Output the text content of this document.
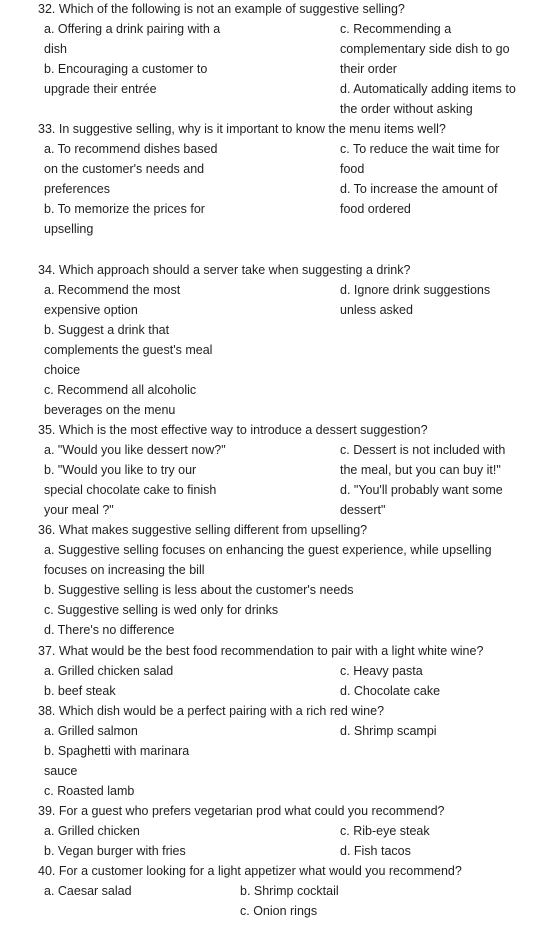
32. Which of the following is not an example of suggestive selling?
a. Offering a drink pairing with a
dish
b. Encouraging a customer to
upgrade their entrée
c. Recommending a
complementary side dish to go
their order
d. Automatically adding items to
the order without asking
33. In suggestive selling, why is it important to know the menu items well?
a. To recommend dishes based
on the customer's needs and
preferences
b. To memorize the prices for
upselling
c. To reduce the wait time for
food
d. To increase the amount of
food ordered
34. Which approach should a server take when suggesting a drink?
a. Recommend the most
expensive option
b. Suggest a drink that
complements the guest's meal
choice
c. Recommend all alcoholic
beverages on the menu
d. Ignore drink suggestions
unless asked
35. Which is the most effective way to introduce a dessert suggestion?
a. "Would you like dessert now?"
b. "Would you like to try our
special chocolate cake to finish
your meal ?"
c. Dessert is not included with
the meal, but you can buy it!"
d. "You'll probably want some
dessert"
36. What makes suggestive selling different from upselling?
a. Suggestive selling focuses on enhancing the guest experience, while upselling
focuses on increasing the bill
b. Suggestive selling is less about the customer's needs
c. Suggestive selling is wed only for drinks
d. There's no difference
37. What would be the best food recommendation to pair with a light white wine?
a. Grilled chicken salad
b. beef steak
c. Heavy pasta
d. Chocolate cake
38. Which dish would be a perfect pairing with a rich red wine?
a. Grilled salmon
b. Spaghetti with marinara
sauce
c. Roasted lamb
d. Shrimp scampi
39. For a guest who prefers vegetarian prod what could you recommend?
a. Grilled chicken
b. Vegan burger with fries
c. Rib-eye steak
d. Fish tacos
40. For a customer looking for a light appetizer what would you recommend?
a. Caesar salad	b. Shrimp cocktail
c. Onion rings
